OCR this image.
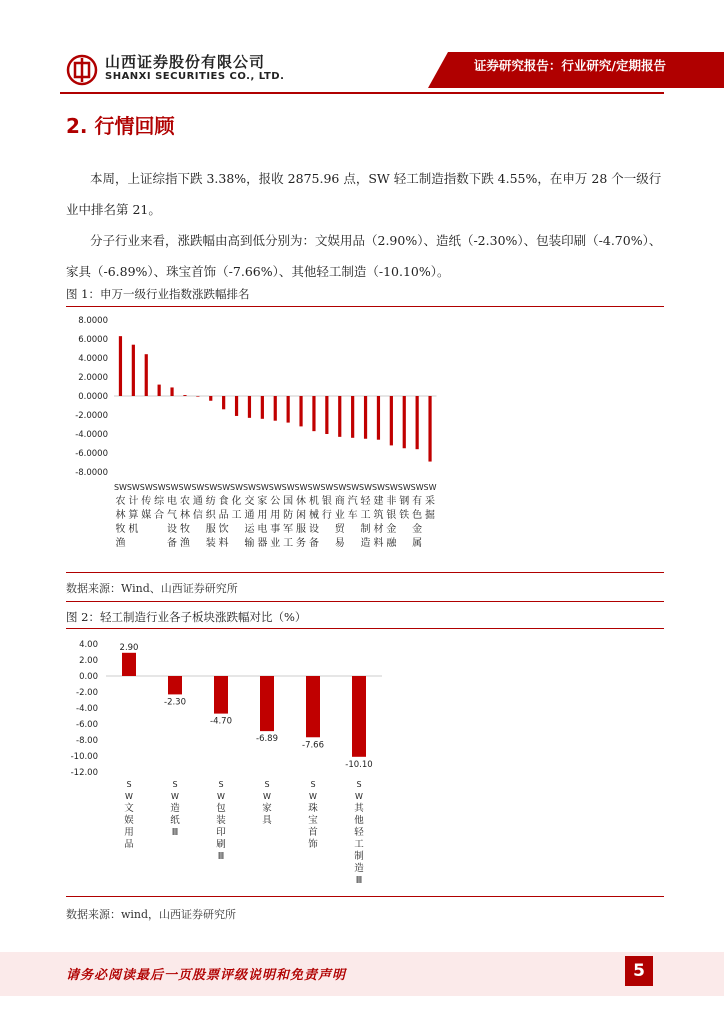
山西证券股份有限公司
SHANXI SECURITIES CO., LTD.
证券研究报告：行业研究/定期报告
2. 行情回顾
本周，上证综指下跌 3.38%，报收 2875.96 点，SW 轻工制造指数下跌 4.55%，在申万 28 个一级行业中排名第 21。
分子行业来看，涨跌幅由高到低分别为：文娱用品（2.90%）、造纸（-2.30%）、包装印刷（-4.70%）、家具（-6.89%）、珠宝首饰（-7.66%）、其他轻工制造（-10.10%）。
图 1：申万一级行业指数涨跌幅排名
8.0000
6.0000
4.0000
2.0000
0.0000
-2.0000
-4.0000
-6.0000
-8.0000
SW
农
林
牧
渔
SW
计
算
机
SW
传
媒
SW
综
合
SW
电
气
设
备
SW
农
林
牧
渔
SW
通
信
SW
纺
织
服
装
SW
食
品
饮
料
SW
化
工
SW
交
通
运
输
SW
家
用
电
器
SW
公
用
事
业
SW
国
防
军
工
SW
休
闲
服
务
SW
机
械
设
备
SW
银
行
SW
商
业
贸
易
SW
汽
车
SW
轻
工
制
造
SW
建
筑
材
料
SW
非
银
金
融
SW
钢
铁
SW
有
色
金
属
SW
采
掘
数据来源：Wind、山西证券研究所
图 2：轻工制造行业各子板块涨跌幅对比（%）
4.00
2.00
0.00
-2.00
-4.00
-6.00
-8.00
-10.00
-12.00
2.90
S
W
文
娱
用
品
-2.30
S
W
造
纸
Ⅲ
-4.70
S
W
包
装
印
刷
Ⅲ
-6.89
S
W
家
具
-7.66
S
W
珠
宝
首
饰
-10.10
S
W
其
他
轻
工
制
造
Ⅲ
数据来源：wind，山西证券研究所
请务必阅读最后一页股票评级说明和免责声明	5
